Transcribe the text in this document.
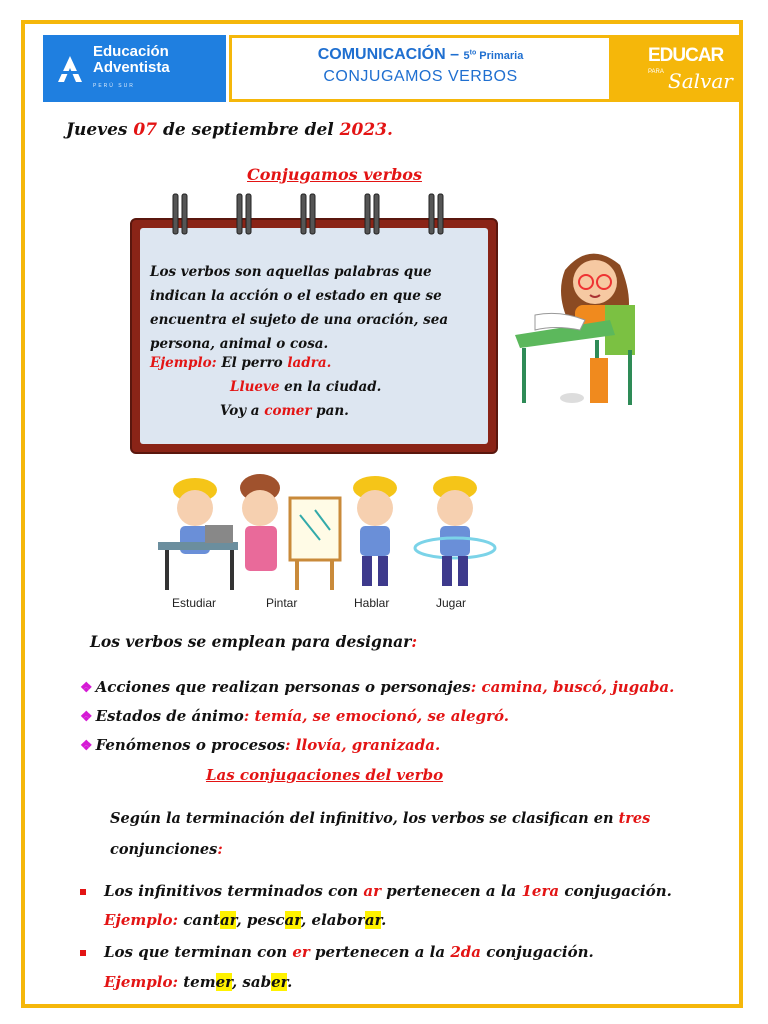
Educación
Adventista
PERÚ SUR
COMUNICACIÓN – $5^{to}$ Primaria
CONJUGAMOS VERBOS
EDUCAR
PARA Salvar
Jueves 07 de septiembre del 2023.
Conjugamos verbos
Los verbos son aquellas palabras que indican la acción o el estado en que se encuentra el sujeto de una oración, sea persona, animal o cosa.
Ejemplo: El perro ladra.
Llueve en la ciudad.
Voy a comer pan.
Estudiar	Pintar	Hablar	Jugar
Los verbos se emplean para designar:
❖ Acciones que realizan personas o personajes: camina, buscó, jugaba.
❖ Estados de ánimo: temía, se emocionó, se alegró.
❖ Fenómenos o procesos: llovía, granizada.
Las conjugaciones del verbo
Según la terminación del infinitivo, los verbos se clasifican en tres
conjunciones:
Los infinitivos terminados con ar pertenecen a la 1era conjugación.
Ejemplo: cantar, pescar, elaborar.
Los que terminan con er pertenecen a la 2da conjugación.
Ejemplo: temer, saber.
